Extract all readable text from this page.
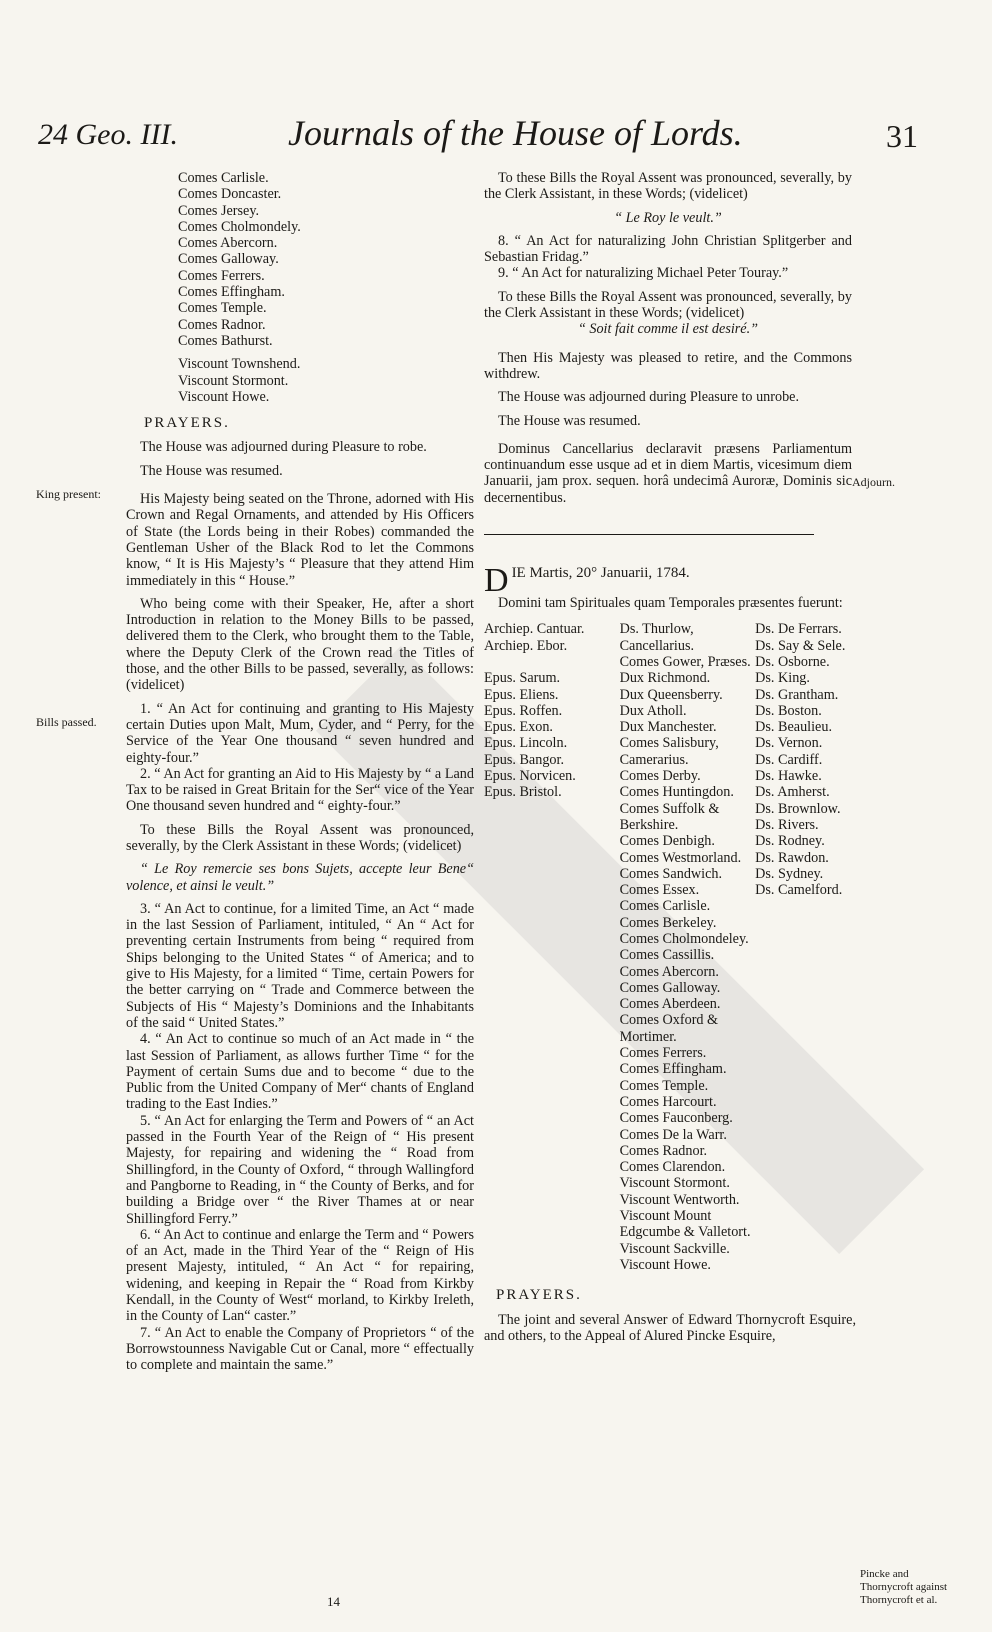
24 Geo. III.	Journals of the House of Lords.	31
King present:
Bills passed.
Adjourn.
Pincke and Thornycroft against Thornycroft et al.
Comes Carlisle.
Comes Doncaster.
Comes Jersey.
Comes Cholmondely.
Comes Abercorn.
Comes Galloway.
Comes Ferrers.
Comes Effingham.
Comes Temple.
Comes Radnor.
Comes Bathurst.
Viscount Townshend.
Viscount Stormont.
Viscount Howe.
PRAYERS.

The House was adjourned during Pleasure to robe.

The House was resumed.

His Majesty being seated on the Throne, adorned with His Crown and Regal Ornaments, and attended by His Officers of State (the Lords being in their Robes) commanded the Gentleman Usher of the Black Rod to let the Commons know, “ It is His Majesty’s “ Pleasure that they attend Him immediately in this “ House.”

Who being come with their Speaker, He, after a short Introduction in relation to the Money Bills to be passed, delivered them to the Clerk, who brought them to the Table, where the Deputy Clerk of the Crown read the Titles of those, and the other Bills to be passed, severally, as follows: (videlicet)

1. “ An Act for continuing and granting to His Majesty certain Duties upon Malt, Mum, Cyder, and “ Perry, for the Service of the Year One thousand “ seven hundred and eighty-four.”

2. “ An Act for granting an Aid to His Majesty by “ a Land Tax to be raised in Great Britain for the Ser“ vice of the Year One thousand seven hundred and “ eighty-four.”

To these Bills the Royal Assent was pronounced, severally, by the Clerk Assistant in these Words; (videlicet)

“ Le Roy remercie ses bons Sujets, accepte leur Bene“ volence, et ainsi le veult.”

3. “ An Act to continue, for a limited Time, an Act “ made in the last Session of Parliament, intituled, “ An “ Act for preventing certain Instruments from being “ required from Ships belonging to the United States “ of America; and to give to His Majesty, for a limited “ Time, certain Powers for the better carrying on “ Trade and Commerce between the Subjects of His “ Majesty’s Dominions and the Inhabitants of the said “ United States.”

4. “ An Act to continue so much of an Act made in “ the last Session of Parliament, as allows further Time “ for the Payment of certain Sums due and to become “ due to the Public from the United Company of Mer“ chants of England trading to the East Indies.”

5. “ An Act for enlarging the Term and Powers of “ an Act passed in the Fourth Year of the Reign of “ His present Majesty, for repairing and widening the “ Road from Shillingford, in the County of Oxford, “ through Wallingford and Pangborne to Reading, in “ the County of Berks, and for building a Bridge over “ the River Thames at or near Shillingford Ferry.”

6. “ An Act to continue and enlarge the Term and “ Powers of an Act, made in the Third Year of the “ Reign of His present Majesty, intituled, “ An Act “ for repairing, widening, and keeping in Repair the “ Road from Kirkby Kendall, in the County of West“ morland, to Kirkby Ireleth, in the County of Lan“ caster.”

7. “ An Act to enable the Company of Proprietors “ of the Borrowstounness Navigable Cut or Canal, more “ effectually to complete and maintain the same.”

14

To these Bills the Royal Assent was pronounced, severally, by the Clerk Assistant, in these Words; (videlicet)

“ Le Roy le veult.”

8. “ An Act for naturalizing John Christian Splitgerber and Sebastian Fridag.”

9. “ An Act for naturalizing Michael Peter Touray.”

To these Bills the Royal Assent was pronounced, severally, by the Clerk Assistant in these Words; (videlicet)

“ Soit fait comme il est desiré.”

Then His Majesty was pleased to retire, and the Commons withdrew.

The House was adjourned during Pleasure to unrobe.

The House was resumed.

Dominus Cancellarius declaravit præsens Parliamentum continuandum esse usque ad et in diem Martis, vicesimum diem Januarii, jam prox. sequen. horâ undecimâ Auroræ, Dominis sic decernentibus.

D IE Martis, 20° Januarii, 1784.

Domini tam Spirituales quam Temporales præsentes fuerunt:

Archiep. Cantuar.
Archiep. Ebor.

Epus. Sarum.
Epus. Eliens.
Epus. Roffen.
Epus. Exon.
Epus. Lincoln.
Epus. Bangor.
Epus. Norvicen.
Epus. Bristol.
Ds. Thurlow, Cancellarius.
Comes Gower, Præses.
Dux Richmond.
Dux Queensberry.
Dux Atholl.
Dux Manchester.
Comes Salisbury, Camerarius.
Comes Derby.
Comes Huntingdon.
Comes Suffolk & Berkshire.
Comes Denbigh.
Comes Westmorland.
Comes Sandwich.
Comes Essex.
Comes Carlisle.
Comes Berkeley.
Comes Cholmondeley.
Comes Cassillis.
Comes Abercorn.
Comes Galloway.
Comes Aberdeen.
Comes Oxford & Mortimer.
Comes Ferrers.
Comes Effingham.
Comes Temple.
Comes Harcourt.
Comes Fauconberg.
Comes De la Warr.
Comes Radnor.
Comes Clarendon.
Viscount Stormont.
Viscount Wentworth.
Viscount Mount Edgcumbe & Valletort.
Viscount Sackville.
Viscount Howe.
Ds. De Ferrars.
Ds. Say & Sele.
Ds. Osborne.
Ds. King.
Ds. Grantham.
Ds. Boston.
Ds. Beaulieu.
Ds. Vernon.
Ds. Cardiff.
Ds. Hawke.
Ds. Amherst.
Ds. Brownlow.
Ds. Rivers.
Ds. Rodney.
Ds. Rawdon.
Ds. Sydney.
Ds. Camelford.
PRAYERS.

The joint and several Answer of Edward Thornycroft Esquire, and others, to the Appeal of Alured Pincke Esquire,
